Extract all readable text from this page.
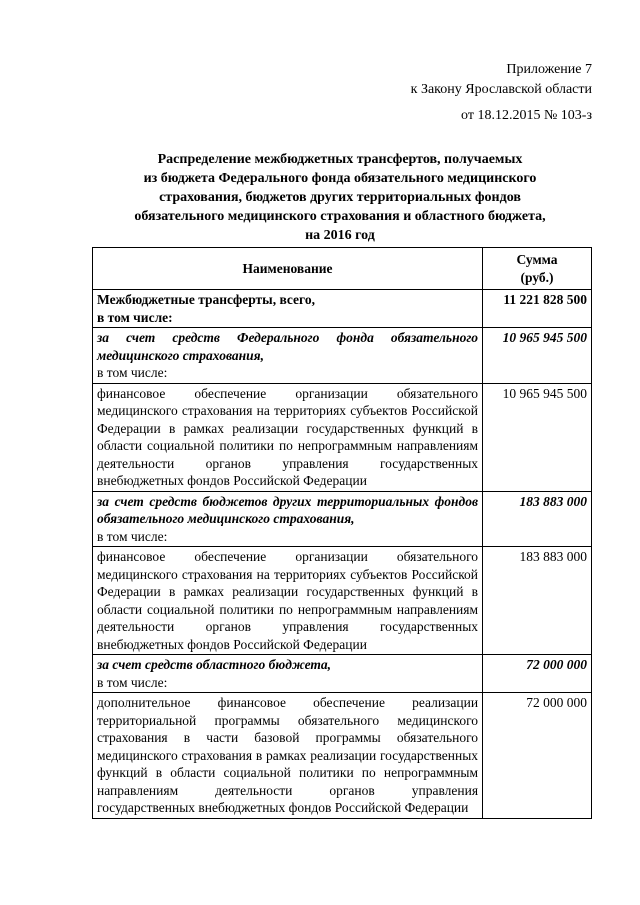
Приложение 7
к Закону Ярославской области
от 18.12.2015 № 103-з
Распределение межбюджетных трансфертов, получаемых
из бюджета Федерального фонда обязательного медицинского
страхования, бюджетов других территориальных фондов
обязательного медицинского страхования и областного бюджета,
на 2016 год
Наименование	Сумма
(руб.)

Межбюджетные трансферты, всего,
в том числе:	11 221 828 500

за счет средств Федерального фонда обязательного медицинского страхования,
в том числе:	10 965 945 500
финансовое обеспечение организации обязательного медицинского страхования на территориях субъектов Российской Федерации в рамках реализации государственных функций в области социальной политики по непрограммным направлениям деятельности органов управления государственных внебюджетных фондов Российской Федерации	10 965 945 500

за счет средств бюджетов других территориальных фондов обязательного медицинского страхования,
в том числе:	183 883 000
финансовое обеспечение организации обязательного медицинского страхования на территориях субъектов Российской Федерации в рамках реализации государственных функций в области социальной политики по непрограммным направлениям деятельности органов управления государственных внебюджетных фондов Российской Федерации	183 883 000

за счет средств областного бюджета,
в том числе:	72 000 000
дополнительное финансовое обеспечение реализации территориальной программы обязательного медицинского страхования в части базовой программы обязательного медицинского страхования в рамках реализации государственных функций в области социальной политики по непрограммным направлениям деятельности органов управления государственных внебюджетных фондов Российской Федерации	72 000 000
